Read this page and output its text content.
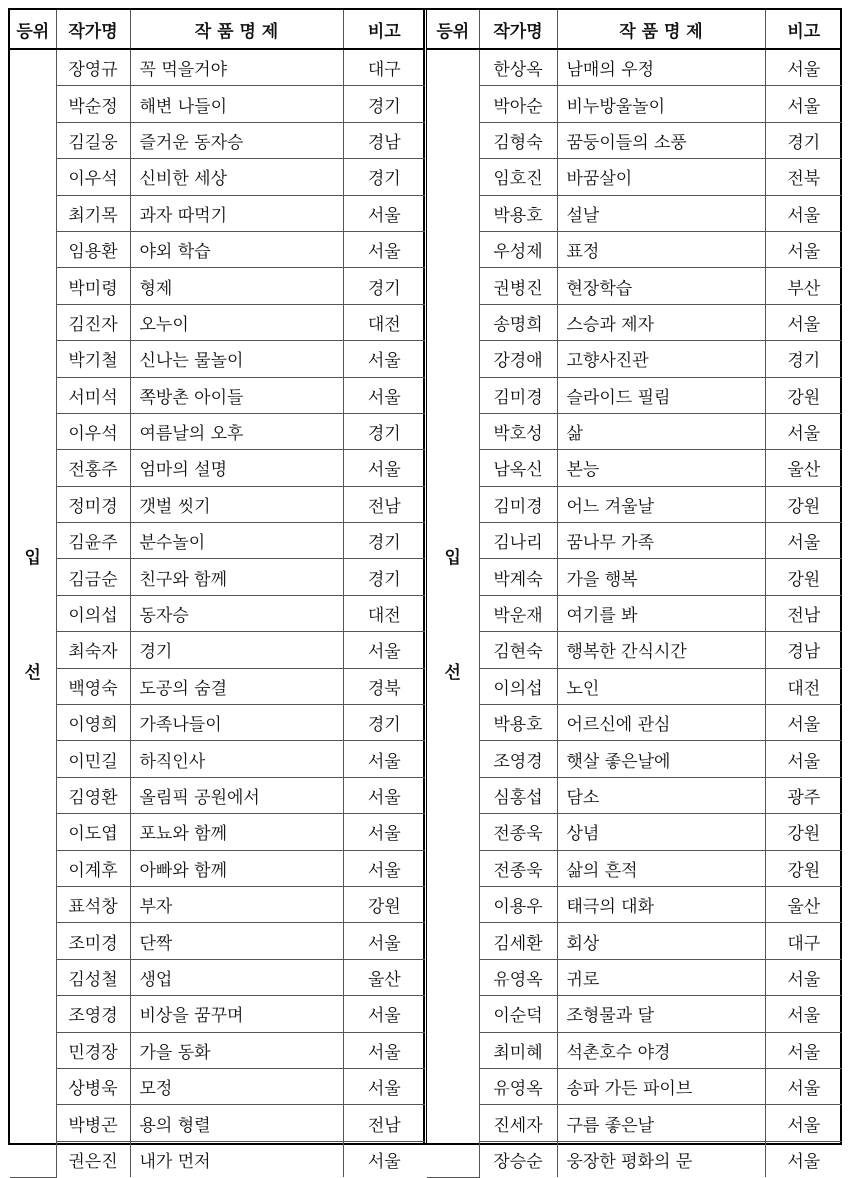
등위	작가명	작 품 명 제	비고

입
선	장영규	꼭 먹을거야	대구
	박순정	해변 나들이	경기
	김길웅	즐거운 동자승	경남
	이우석	신비한 세상	경기
	최기목	과자 따먹기	서울
	임용환	야외 학습	서울
	박미령	형제	경기
	김진자	오누이	대전
	박기철	신나는 물놀이	서울
	서미석	쪽방촌 아이들	서울
	이우석	여름날의 오후	경기
	전홍주	엄마의 설명	서울
	정미경	갯벌 씻기	전남
	김윤주	분수놀이	경기
	김금순	친구와 함께	경기
	이의섭	동자승	대전
	최숙자	경기	서울
	백영숙	도공의 숨결	경북
	이영희	가족나들이	경기
	이민길	하직인사	서울
	김영환	올림픽 공원에서	서울
	이도엽	포뇨와 함께	서울
	이계후	아빠와 함께	서울
	표석창	부자	강원
	조미경	단짝	서울
	김성철	생업	울산
	조영경	비상을 꿈꾸며	서울
	민경장	가을 동화	서울
	상병욱	모정	서울
	박병곤	용의 형렬	전남
	권은진	내가 먼저	서울
등위	작가명	작 품 명 제	비고

입
선	한상옥	남매의 우정	서울
	박아순	비누방울놀이	서울
	김형숙	꿈둥이들의 소풍	경기
	임호진	바꿈살이	전북
	박용호	설날	서울
	우성제	표정	서울
	권병진	현장학습	부산
	송명희	스승과 제자	서울
	강경애	고향사진관	경기
	김미경	슬라이드 필림	강원
	박호성	삶	서울
	남옥신	본능	울산
	김미경	어느 겨울날	강원
	김나리	꿈나무 가족	서울
	박계숙	가을 행복	강원
	박운재	여기를 봐	전남
	김현숙	행복한 간식시간	경남
	이의섭	노인	대전
	박용호	어르신에 관심	서울
	조영경	햇살 좋은날에	서울
	심홍섭	담소	광주
	전종욱	상념	강원
	전종욱	삶의 흔적	강원
	이용우	태극의 대화	울산
	김세환	회상	대구
	유영옥	귀로	서울
	이순덕	조형물과 달	서울
	최미혜	석촌호수 야경	서울
	유영옥	송파 가든 파이브	서울
	진세자	구름 좋은날	서울
	장승순	웅장한 평화의 문	서울
